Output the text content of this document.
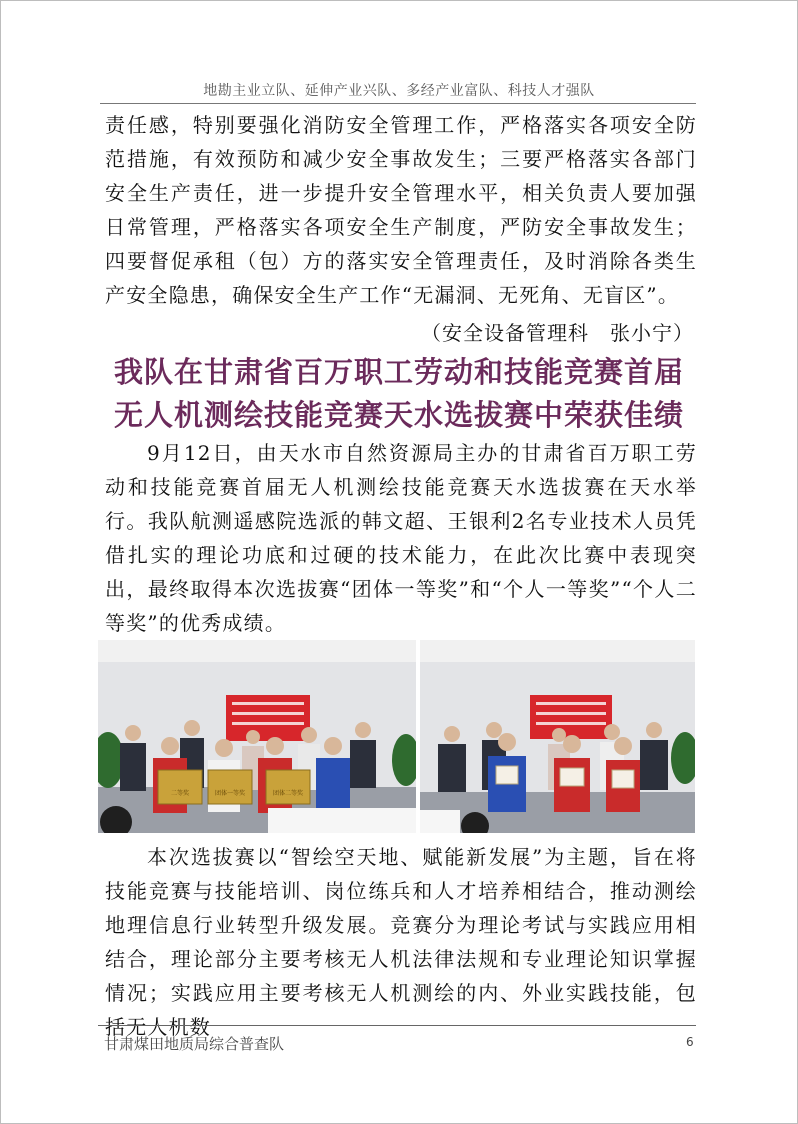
地勘主业立队、延伸产业兴队、多经产业富队、科技人才强队
责任感，特别要强化消防安全管理工作，严格落实各项安全防范措施，有效预防和减少安全事故发生；三要严格落实各部门安全生产责任，进一步提升安全管理水平，相关负责人要加强日常管理，严格落实各项安全生产制度，严防安全事故发生；四要督促承租（包）方的落实安全管理责任，及时消除各类生产安全隐患，确保安全生产工作“无漏洞、无死角、无盲区”。
（安全设备管理科　张小宁）
我队在甘肃省百万职工劳动和技能竞赛首届
无人机测绘技能竞赛天水选拔赛中荣获佳绩
9月12日，由天水市自然资源局主办的甘肃省百万职工劳动和技能竞赛首届无人机测绘技能竞赛天水选拔赛在天水举行。我队航测遥感院选派的韩文超、王银利2名专业技术人员凭借扎实的理论功底和过硬的技术能力，在此次比赛中表现突出，最终取得本次选拔赛“团体一等奖”和“个人一等奖”“个人二等奖”的优秀成绩。
二等奖	团体一等奖	团体二等奖
本次选拔赛以“智绘空天地、赋能新发展”为主题，旨在将技能竞赛与技能培训、岗位练兵和人才培养相结合，推动测绘地理信息行业转型升级发展。竞赛分为理论考试与实践应用相结合，理论部分主要考核无人机法律法规和专业理论知识掌握情况；实践应用主要考核无人机测绘的内、外业实践技能，包括无人机数
甘肃煤田地质局综合普查队	6
